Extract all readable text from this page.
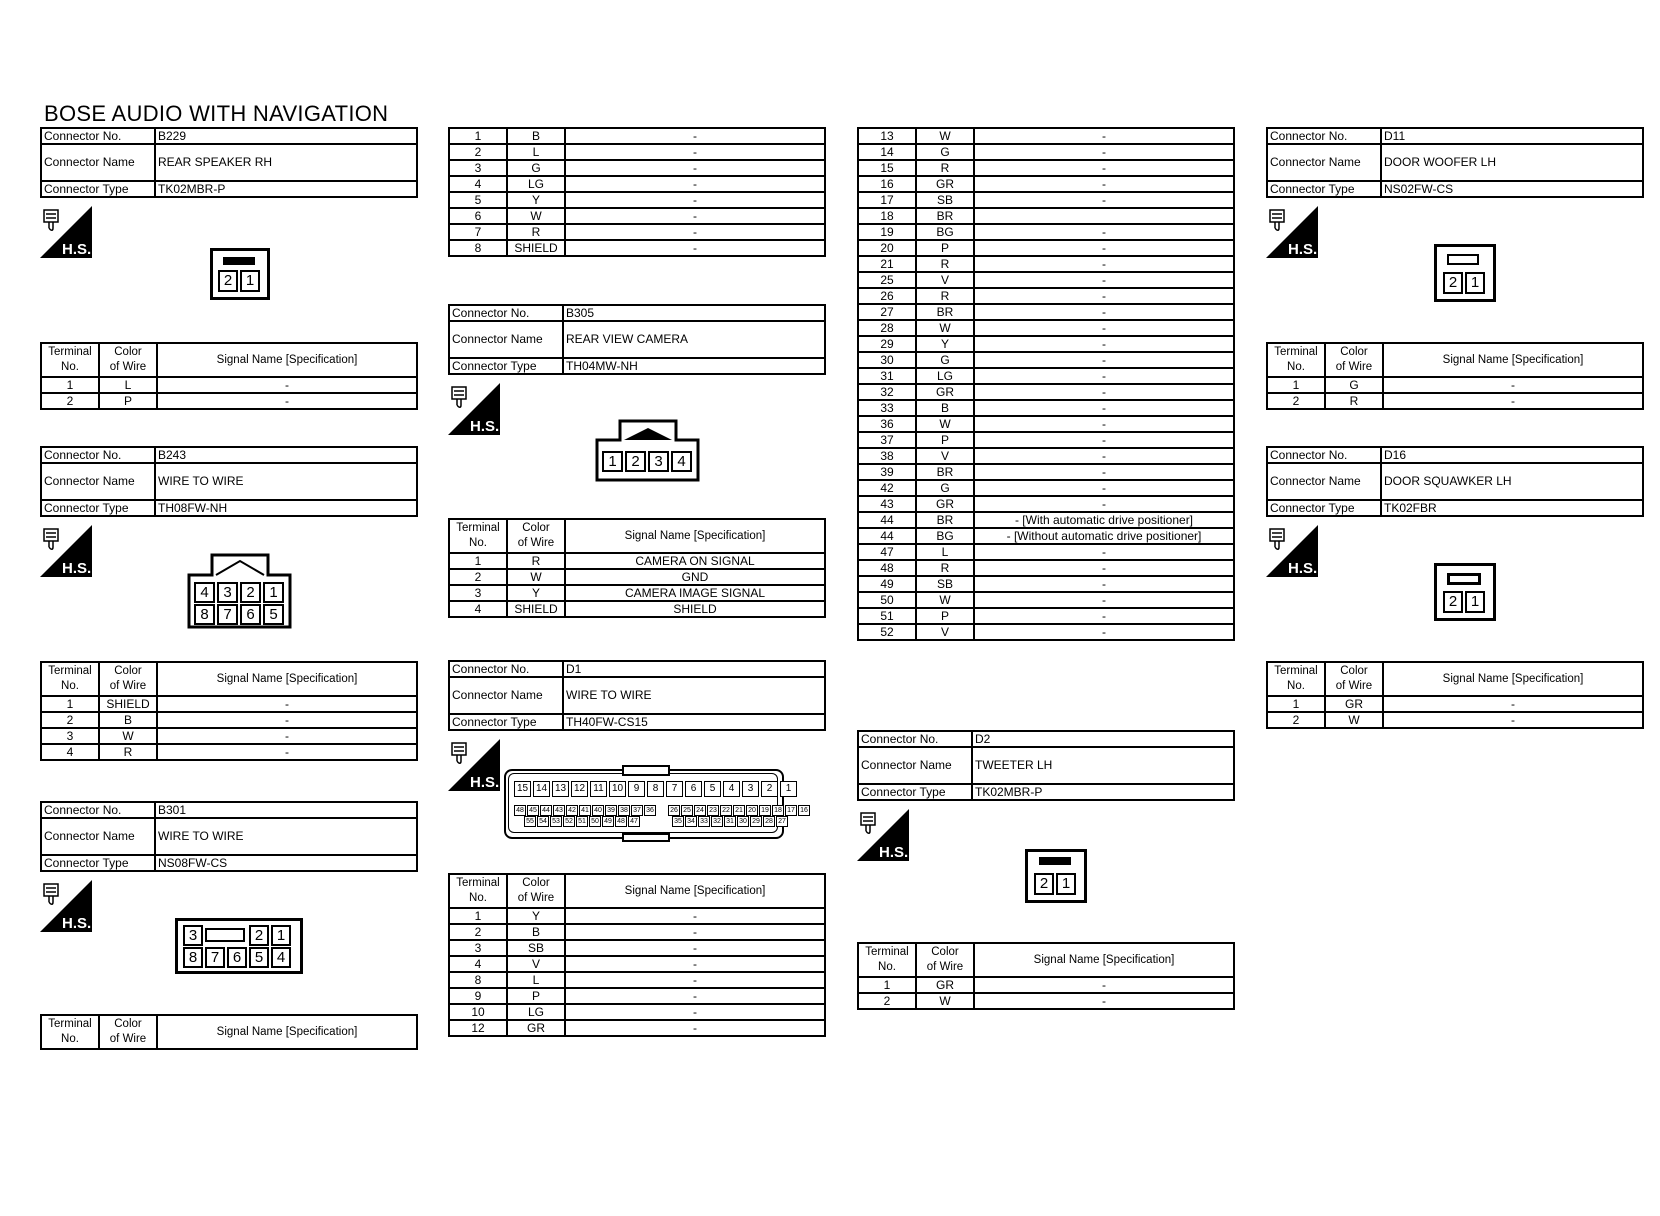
BOSE AUDIO WITH NAVIGATION
Connector No.	B229
Connector Name	REAR SPEAKER RH
Connector Type	TK02MBR-P
H.S.
2 1
Terminal
No.	Color
of Wire	Signal Name [Specification]
1	L	-
2	P	-
Connector No.	B243
Connector Name	WIRE TO WIRE
Connector Type	TH08FW-NH
H.S.
4 3 2 1
8 7 6 5
Terminal
No.	Color
of Wire	Signal Name [Specification]
1	SHIELD	-
2	B	-
3	W	-
4	R	-
Connector No.	B301
Connector Name	WIRE TO WIRE
Connector Type	NS08FW-CS
H.S.
3	2 1
8 7 6 5 4
Terminal
No.	Color
of Wire	Signal Name [Specification]
1	B	-
2	L	-
3	G	-
4	LG	-
5	Y	-
6	W	-
7	R	-
8	SHIELD	-
Connector No.	B305
Connector Name	REAR VIEW CAMERA
Connector Type	TH04MW-NH
H.S.
1 2 3 4
Terminal
No.	Color
of Wire	Signal Name [Specification]
1	R	CAMERA ON SIGNAL
2	W	GND
3	Y	CAMERA IMAGE SIGNAL
4	SHIELD	SHIELD
Connector No.	D1
Connector Name	WIRE TO WIRE
Connector Type	TH40FW-CS15
H.S. 15 14 13 12 11 10	9	8	7	6	5	4	3	2	1
48 45 44 43 42 41 40 39 38 37 36	26 25 24 23 22 21 20 19 18 17 16
55 54 53 52 51 50 49 48 47	35 34 33 32 31 30 29 28 27
Terminal
No.	Color
of Wire	Signal Name [Specification]
1	Y	-
2	B	-
3	SB	-
4	V	-
8	L	-
9	P	-
10	LG	-
12	GR	-
13	W	-
14	G	-
15	R	-
16	GR	-
17	SB	-
18	BR	
19	BG	-
20	P	-
21	R	-
25	V	-
26	R	-
27	BR	-
28	W	-
29	Y	-
30	G	-
31	LG	-
32	GR	-
33	B	-
36	W	-
37	P	-
38	V	-
39	BR	-
42	G	-
43	GR	-
44	BR	- [With automatic drive positioner]
44	BG	- [Without automatic drive positioner]
47	L	-
48	R	-
49	SB	-
50	W	-
51	P	-
52	V	-
Connector No.	D2
Connector Name	TWEETER LH
Connector Type	TK02MBR-P
H.S.
2 1
Terminal
No.	Color
of Wire	Signal Name [Specification]
1	GR	-
2	W	-
Connector No.	D11
Connector Name	DOOR WOOFER LH
Connector Type	NS02FW-CS
H.S.
2 1
Terminal
No.	Color
of Wire	Signal Name [Specification]
1	G	-
2	R	-
Connector No.	D16
Connector Name	DOOR SQUAWKER LH
Connector Type	TK02FBR
H.S.
2 1
Terminal
No.	Color
of Wire	Signal Name [Specification]
1	GR	-
2	W	-
